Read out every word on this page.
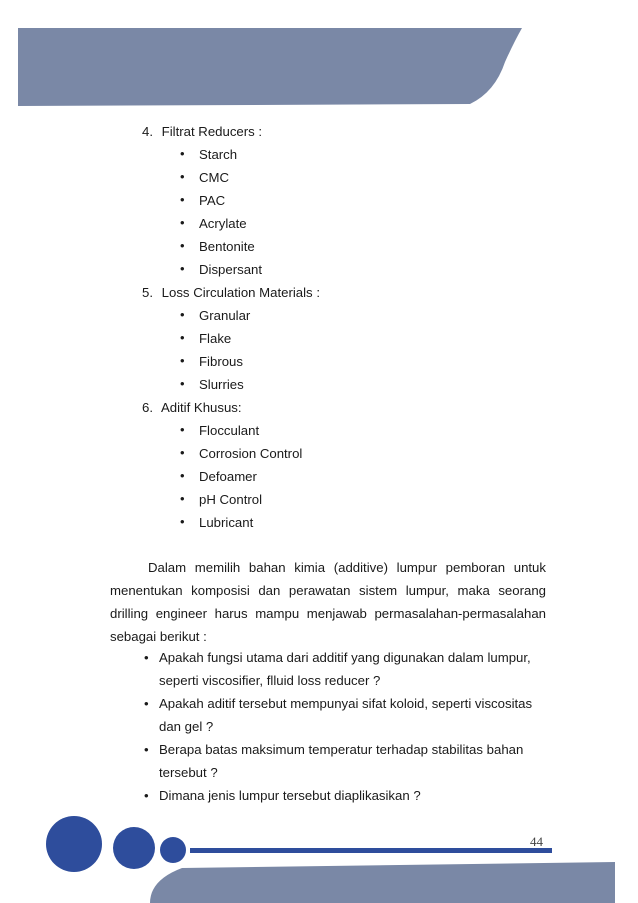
4. Filtrat Reducers :
• Starch
• CMC
• PAC
• Acrylate
• Bentonite
• Dispersant
5. Loss Circulation Materials :
• Granular
• Flake
• Fibrous
• Slurries
6. Aditif Khusus:
• Flocculant
• Corrosion Control
• Defoamer
• pH Control
• Lubricant
Dalam memilih bahan kimia (additive) lumpur pemboran untuk
menentukan komposisi dan perawatan sistem lumpur, maka seorang
drilling engineer harus mampu menjawab permasalahan-permasalahan
sebagai berikut :
• Apakah fungsi utama dari additif yang digunakan dalam lumpur,
seperti viscosifier, flluid loss reducer ?
• Apakah aditif tersebut mempunyai sifat koloid, seperti viscositas
dan gel ?
• Berapa batas maksimum temperatur terhadap stabilitas bahan
tersebut ?
• Dimana jenis lumpur tersebut diaplikasikan ?
44
